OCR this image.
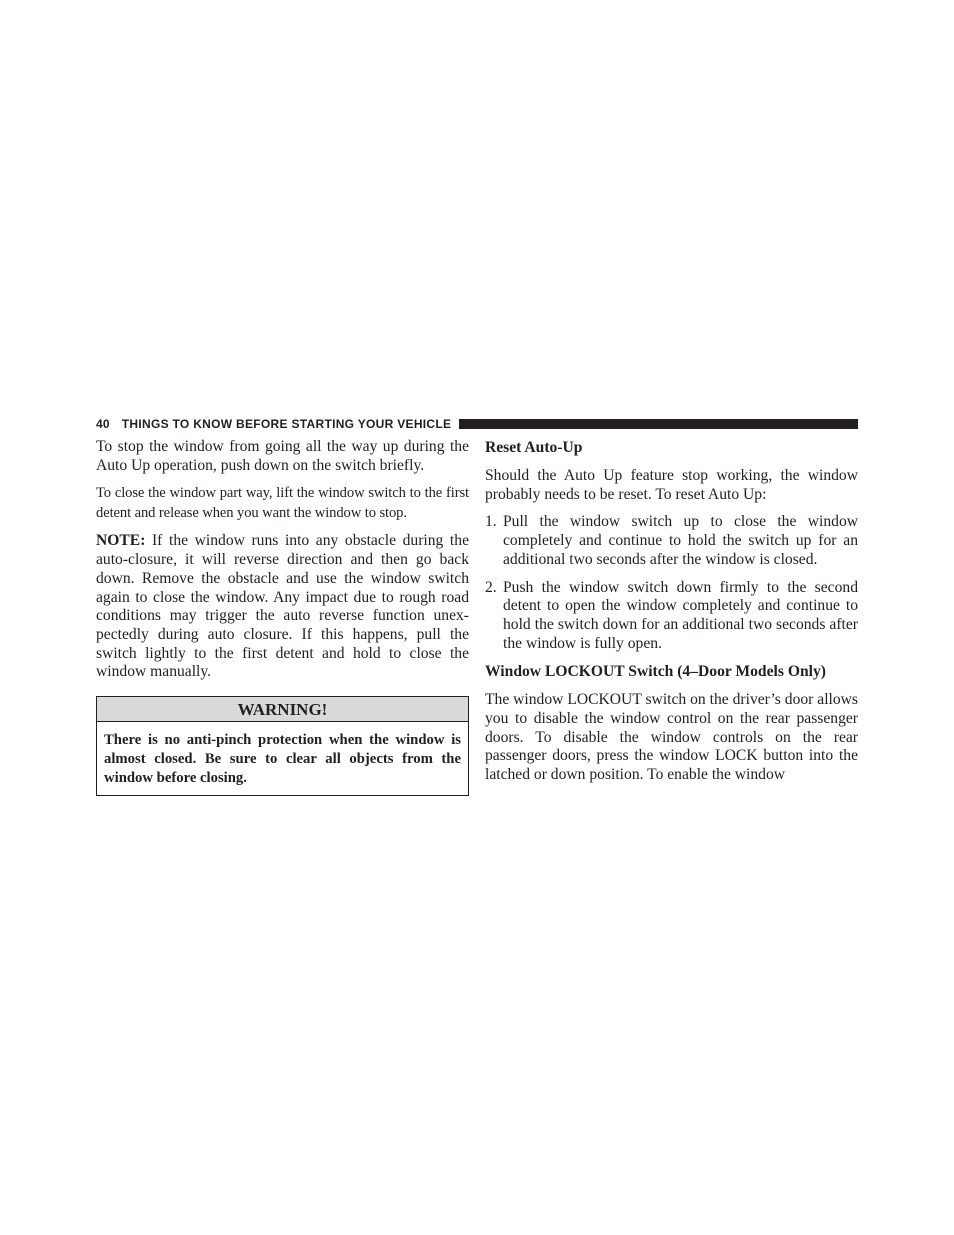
40 THINGS TO KNOW BEFORE STARTING YOUR VEHICLE

To stop the window from going all the way up during the Auto Up operation, push down on the switch briefly.

To close the window part way, lift the window switch to the first detent and release when you want the window to stop.

NOTE: If the window runs into any obstacle during the auto-closure, it will reverse direction and then go back down. Remove the obstacle and use the window switch again to close the window. Any impact due to rough road conditions may trigger the auto reverse function unex-pectedly during auto closure. If this happens, pull the switch lightly to the first detent and hold to close the window manually.

WARNING!
There is no anti-pinch protection when the window is almost closed. Be sure to clear all objects from the window before closing.
Reset Auto-Up

Should the Auto Up feature stop working, the window probably needs to be reset. To reset Auto Up:

1. Pull the window switch up to close the window completely and continue to hold the switch up for an additional two seconds after the window is closed.
2. Push the window switch down firmly to the second detent to open the window completely and continue to hold the switch down for an additional two seconds after the window is fully open.
Window LOCKOUT Switch (4–Door Models Only)

The window LOCKOUT switch on the driver’s door allows you to disable the window control on the rear passenger doors. To disable the window controls on the rear passenger doors, press the window LOCK button into the latched or down position. To enable the window
